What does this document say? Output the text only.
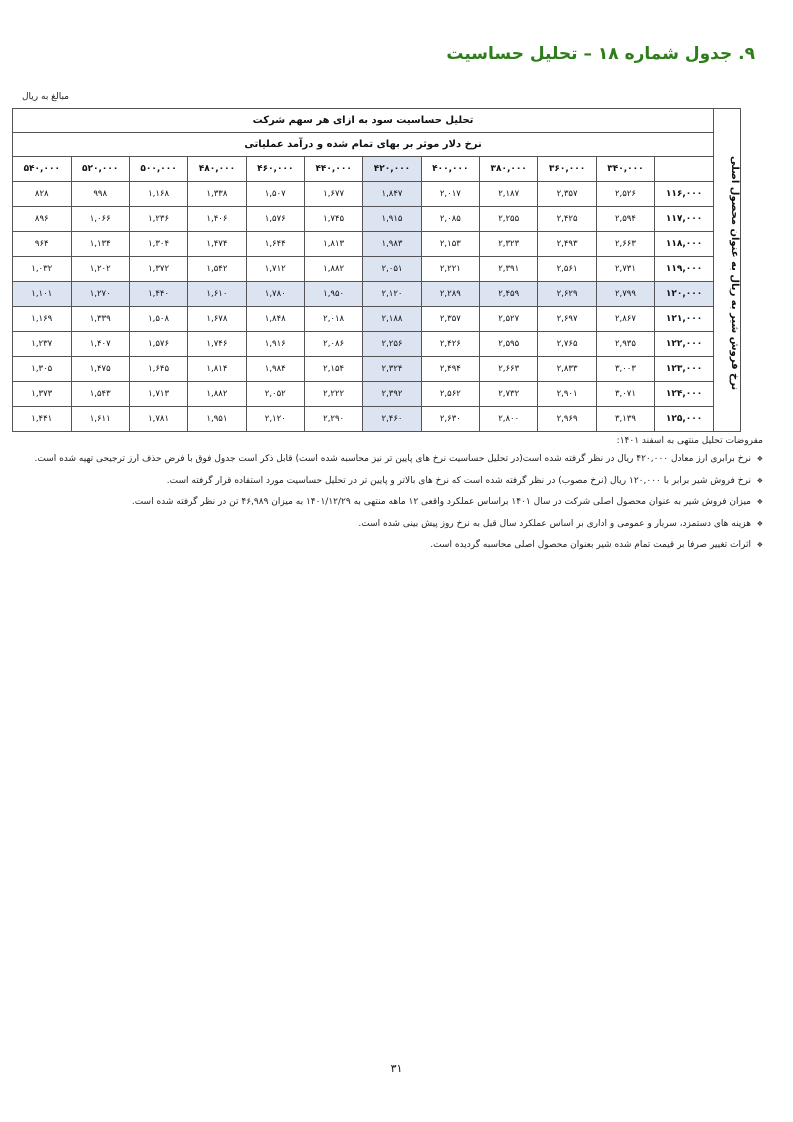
۹. جدول شماره ۱۸ – تحلیل حساسیت
مبالغ به ریال
نرخ فروش شیر به ریال به عنوان محصول اصلی	تحلیل حساسیت سود به ازای هر سهم شرکت											
	نرخ دلار موثر بر بهای تمام شده و درآمد عملیاتی											
		۳۴۰,۰۰۰	۳۶۰,۰۰۰	۳۸۰,۰۰۰	۴۰۰,۰۰۰	۴۲۰,۰۰۰	۴۴۰,۰۰۰	۴۶۰,۰۰۰	۴۸۰,۰۰۰	۵۰۰,۰۰۰	۵۲۰,۰۰۰	۵۴۰,۰۰۰
	۱۱۶,۰۰۰	۲,۵۲۶	۲,۳۵۷	۲,۱۸۷	۲,۰۱۷	۱,۸۴۷	۱,۶۷۷	۱,۵۰۷	۱,۳۳۸	۱,۱۶۸	۹۹۸	۸۲۸
	۱۱۷,۰۰۰	۲,۵۹۴	۲,۴۲۵	۲,۲۵۵	۲,۰۸۵	۱,۹۱۵	۱,۷۴۵	۱,۵۷۶	۱,۴۰۶	۱,۲۳۶	۱,۰۶۶	۸۹۶
	۱۱۸,۰۰۰	۲,۶۶۳	۲,۴۹۳	۲,۳۲۳	۲,۱۵۳	۱,۹۸۳	۱,۸۱۳	۱,۶۴۴	۱,۴۷۴	۱,۳۰۴	۱,۱۳۴	۹۶۴
	۱۱۹,۰۰۰	۲,۷۳۱	۲,۵۶۱	۲,۳۹۱	۲,۲۲۱	۲,۰۵۱	۱,۸۸۲	۱,۷۱۲	۱,۵۴۲	۱,۳۷۲	۱,۲۰۲	۱,۰۳۲
	۱۲۰,۰۰۰	۲,۷۹۹	۲,۶۲۹	۲,۴۵۹	۲,۲۸۹	۲,۱۲۰	۱,۹۵۰	۱,۷۸۰	۱,۶۱۰	۱,۴۴۰	۱,۲۷۰	۱,۱۰۱
	۱۲۱,۰۰۰	۲,۸۶۷	۲,۶۹۷	۲,۵۲۷	۲,۳۵۷	۲,۱۸۸	۲,۰۱۸	۱,۸۴۸	۱,۶۷۸	۱,۵۰۸	۱,۳۳۹	۱,۱۶۹
	۱۲۲,۰۰۰	۲,۹۳۵	۲,۷۶۵	۲,۵۹۵	۲,۴۲۶	۲,۲۵۶	۲,۰۸۶	۱,۹۱۶	۱,۷۴۶	۱,۵۷۶	۱,۴۰۷	۱,۲۳۷
	۱۲۳,۰۰۰	۳,۰۰۳	۲,۸۳۳	۲,۶۶۳	۲,۴۹۴	۲,۳۲۴	۲,۱۵۴	۱,۹۸۴	۱,۸۱۴	۱,۶۴۵	۱,۴۷۵	۱,۳۰۵
	۱۲۴,۰۰۰	۳,۰۷۱	۲,۹۰۱	۲,۷۳۲	۲,۵۶۲	۲,۳۹۲	۲,۲۲۲	۲,۰۵۲	۱,۸۸۲	۱,۷۱۳	۱,۵۴۳	۱,۳۷۳
	۱۲۵,۰۰۰	۳,۱۳۹	۲,۹۶۹	۲,۸۰۰	۲,۶۳۰	۲,۴۶۰	۲,۲۹۰	۲,۱۲۰	۱,۹۵۱	۱,۷۸۱	۱,۶۱۱	۱,۴۴۱
مفروضات تحلیل منتهی به اسفند ۱۴۰۱:
❖ نرخ برابری ارز معادل ۴۲۰,۰۰۰ ریال در نظر گرفته شده است(در تحلیل حساسیت نرخ های پایین تر نیز محاسبه شده است) قابل ذکر است جدول فوق با فرض حذف ارز ترجیحی تهیه شده است.
❖ نرخ فروش شیر برابر با ۱۲۰,۰۰۰ ریال (نرخ مصوب) در نظر گرفته شده است که نرخ های بالاتر و پایین تر در تحلیل حساسیت مورد استفاده قرار گرفته است.
❖ میزان فروش شیر به عنوان محصول اصلی شرکت در سال ۱۴۰۱ براساس عملکرد واقعی ۱۲ ماهه منتهی به ۱۴۰۱/۱۲/۲۹ به میزان ۴۶,۹۸۹ تن در نظر گرفته شده است.
❖ هزینه های دستمزد، سربار و عمومی و اداری بر اساس عملکرد سال قبل به نرخ روز پیش بینی شده است.
❖ اثرات تغییر صرفا بر قیمت تمام شده شیر بعنوان محصول اصلی محاسبه گردیده است.
۳۱
